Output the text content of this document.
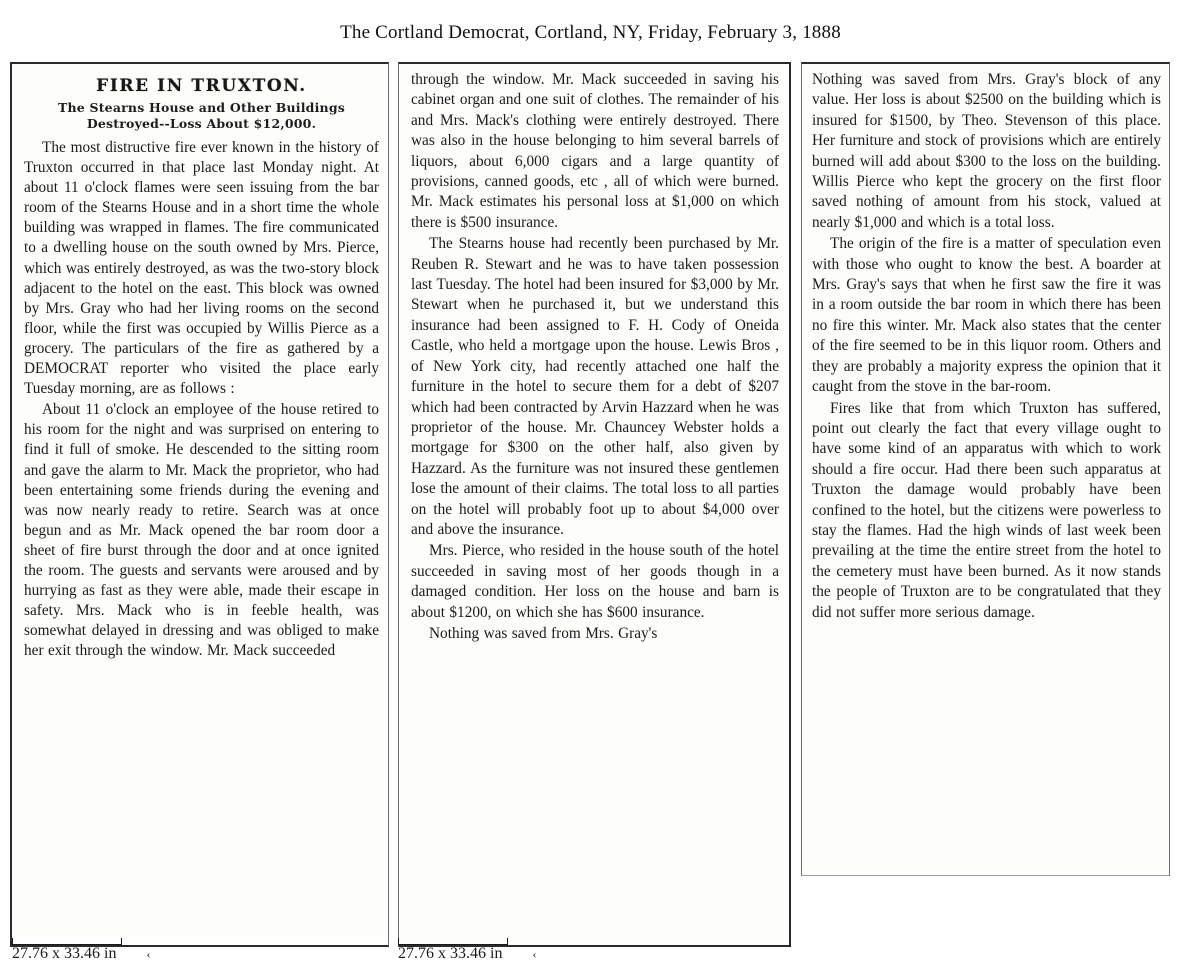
The Cortland Democrat, Cortland, NY, Friday, February 3, 1888
FIRE IN TRUXTON.
The Stearns House and Other Buildings Destroyed--Loss About $12,000.

The most distructive fire ever known in the history of Truxton occurred in that place last Monday night. At about 11 o'clock flames were seen issuing from the bar room of the Stearns House and in a short time the whole building was wrapped in flames. The fire communicated to a dwelling house on the south owned by Mrs. Pierce, which was entirely destroyed, as was the two-story block adjacent to the hotel on the east. This block was owned by Mrs. Gray who had her living rooms on the second floor, while the first was occupied by Willis Pierce as a grocery. The particulars of the fire as gathered by a DEMOCRAT reporter who visited the place early Tuesday morning, are as follows :

About 11 o'clock an employee of the house retired to his room for the night and was surprised on entering to find it full of smoke. He descended to the sitting room and gave the alarm to Mr. Mack the proprietor, who had been entertaining some friends during the evening and was now nearly ready to retire. Search was at once begun and as Mr. Mack opened the bar room door a sheet of fire burst through the door and at once ignited the room. The guests and servants were aroused and by hurrying as fast as they were able, made their escape in safety. Mrs. Mack who is in feeble health, was somewhat delayed in dressing and was obliged to make her exit through the window. Mr. Mack succeeded

through the window. Mr. Mack succeeded in saving his cabinet organ and one suit of clothes. The remainder of his and Mrs. Mack's clothing were entirely destroyed. There was also in the house belonging to him several barrels of liquors, about 6,000 cigars and a large quantity of provisions, canned goods, etc , all of which were burned. Mr. Mack estimates his personal loss at $1,000 on which there is $500 insurance.

The Stearns house had recently been purchased by Mr. Reuben R. Stewart and he was to have taken possession last Tuesday. The hotel had been insured for $3,000 by Mr. Stewart when he purchased it, but we understand this insurance had been assigned to F. H. Cody of Oneida Castle, who held a mortgage upon the house. Lewis Bros , of New York city, had recently attached one half the furniture in the hotel to secure them for a debt of $207 which had been contracted by Arvin Hazzard when he was proprietor of the house. Mr. Chauncey Webster holds a mortgage for $300 on the other half, also given by Hazzard. As the furniture was not insured these gentlemen lose the amount of their claims. The total loss to all parties on the hotel will probably foot up to about $4,000 over and above the insurance.

Mrs. Pierce, who resided in the house south of the hotel succeeded in saving most of her goods though in a damaged condition. Her loss on the house and barn is about $1200, on which she has $600 insurance.

Nothing was saved from Mrs. Gray's

Nothing was saved from Mrs. Gray's block of any value. Her loss is about $2500 on the building which is insured for $1500, by Theo. Stevenson of this place. Her furniture and stock of provisions which are entirely burned will add about $300 to the loss on the building. Willis Pierce who kept the grocery on the first floor saved nothing of amount from his stock, valued at nearly $1,000 and which is a total loss.

The origin of the fire is a matter of speculation even with those who ought to know the best. A boarder at Mrs. Gray's says that when he first saw the fire it was in a room outside the bar room in which there has been no fire this winter. Mr. Mack also states that the center of the fire seemed to be in this liquor room. Others and they are probably a majority express the opinion that it caught from the stove in the bar-room.

Fires like that from which Truxton has suffered, point out clearly the fact that every village ought to have some kind of an apparatus with which to work should a fire occur. Had there been such apparatus at Truxton the damage would probably have been confined to the hotel, but the citizens were powerless to stay the flames. Had the high winds of last week been prevailing at the time the entire street from the hotel to the cemetery must have been burned. As it now stands the people of Truxton are to be congratulated that they did not suffer more serious damage.

27.76 x 33.46 in	‹	27.76 x 33.46 in	‹
